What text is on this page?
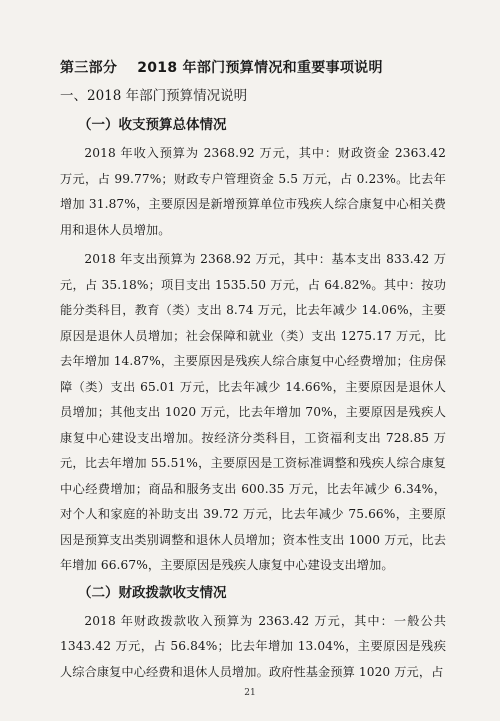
第三部分 2018 年部门预算情况和重要事项说明
一、2018 年部门预算情况说明
（一）收支预算总体情况

2018 年收入预算为 2368.92 万元，其中：财政资金 2363.42 万元，占 99.77%；财政专户管理资金 5.5 万元，占 0.23%。比去年增加 31.87%，主要原因是新增预算单位市残疾人综合康复中心相关费用和退休人员增加。

2018 年支出预算为 2368.92 万元，其中：基本支出 833.42 万元，占 35.18%；项目支出 1535.50 万元，占 64.82%。其中：按功能分类科目，教育（类）支出 8.74 万元，比去年减少 14.06%，主要原因是退休人员增加；社会保障和就业（类）支出 1275.17 万元，比去年增加 14.87%，主要原因是残疾人综合康复中心经费增加；住房保障（类）支出 65.01 万元，比去年减少 14.66%，主要原因是退休人员增加；其他支出 1020 万元，比去年增加 70%，主要原因是残疾人康复中心建设支出增加。按经济分类科目，工资福利支出 728.85 万元，比去年增加 55.51%，主要原因是工资标准调整和残疾人综合康复中心经费增加；商品和服务支出 600.35 万元，比去年减少 6.34%，对个人和家庭的补助支出 39.72 万元，比去年减少 75.66%，主要原因是预算支出类别调整和退休人员增加；资本性支出 1000 万元，比去年增加 66.67%，主要原因是残疾人康复中心建设支出增加。

（二）财政拨款收支情况

2018 年财政拨款收入预算为 2363.42 万元，其中：一般公共 1343.42 万元，占 56.84%；比去年增加 13.04%，主要原因是残疾人综合康复中心经费和退休人员增加。政府性基金预算 1020 万元，占

21
